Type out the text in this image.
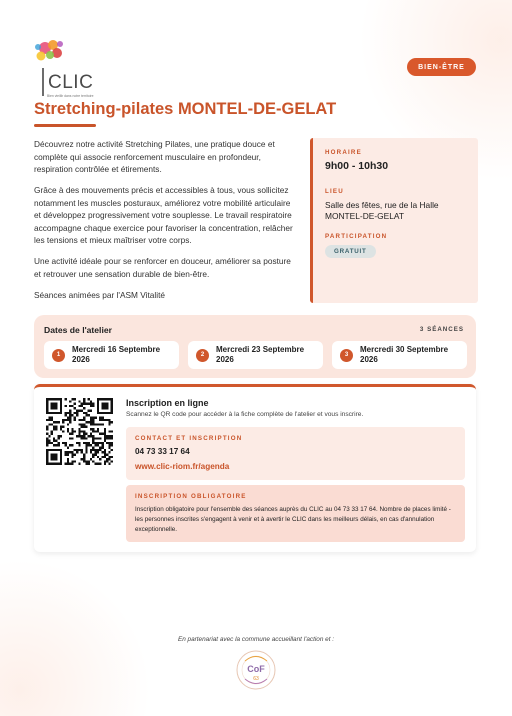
CLIC
Bien vieillir dans notre territoire
BIEN-ÊTRE
Stretching-pilates MONTEL-DE-GELAT

Découvrez notre activité Stretching Pilates, une pratique douce et complète qui associe renforcement musculaire en profondeur, respiration contrôlée et étirements.

Grâce à des mouvements précis et accessibles à tous, vous sollicitez notamment les muscles posturaux, améliorez votre mobilité articulaire et développez progressivement votre souplesse. Le travail respiratoire accompagne chaque exercice pour favoriser la concentration, relâcher les tensions et mieux maîtriser votre corps.

Une activité idéale pour se renforcer en douceur, améliorer sa posture et retrouver une sensation durable de bien-être.

Séances animées par l'ASM Vitalité

HORAIRE
9h00 - 10h30
LIEU
Salle des fêtes, rue de la Halle
MONTEL-DE-GELAT
PARTICIPATION
GRATUIT
Dates de l'atelier	3 SÉANCES
1
Mercredi 16 Septembre
2026	2
Mercredi 23 Septembre
2026	3
Mercredi 30 Septembre
2026
Inscription en ligne
Scannez le QR code pour accéder à la fiche complète de l'atelier et vous inscrire.
CONTACT ET INSCRIPTION
04 73 33 17 64
www.clic-riom.fr/agenda
INSCRIPTION OBLIGATOIRE
Inscription obligatoire pour l'ensemble des séances auprès du CLIC au 04 73 33 17 64. Nombre de places limité - les personnes inscrites s'engagent à venir et à avertir le CLIC dans les meilleurs délais, en cas d'annulation exceptionnelle.
En partenariat avec la commune accueillant l'action et :
CoF
63
